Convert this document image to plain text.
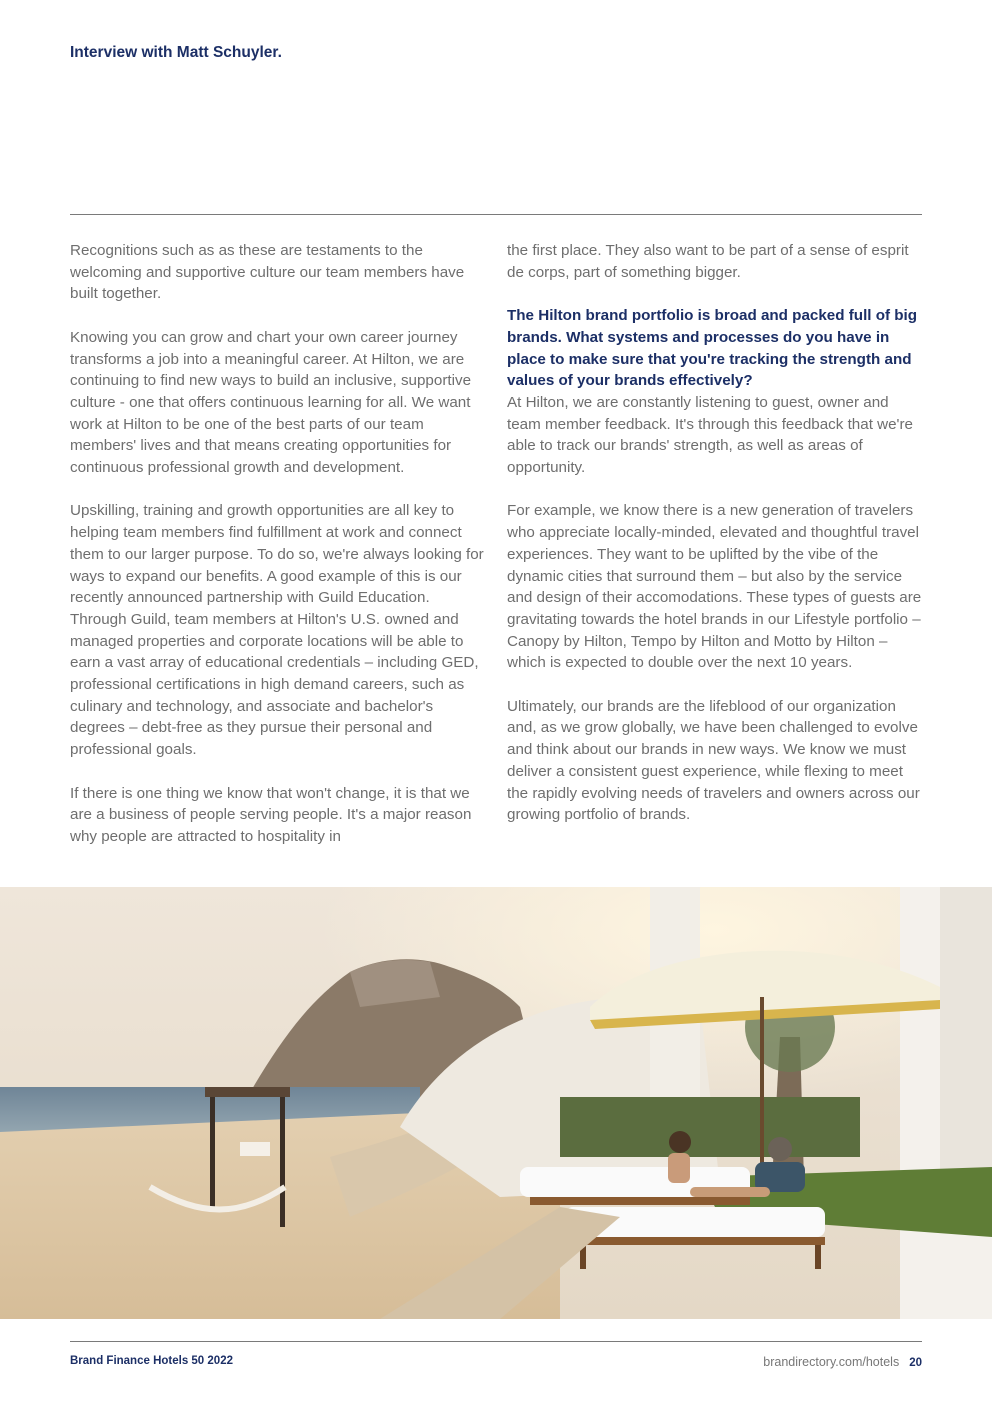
Interview with Matt Schuyler.

Recognitions such as as these are testaments to the welcoming and supportive culture our team members have built together.

Knowing you can grow and chart your own career journey transforms a job into a meaningful career. At Hilton, we are continuing to find new ways to build an inclusive, supportive culture - one that offers continuous learning for all. We want work at Hilton to be one of the best parts of our team members' lives and that means creating opportunities for continuous professional growth and development.

Upskilling, training and growth opportunities are all key to helping team members find fulfillment at work and connect them to our larger purpose. To do so, we're always looking for ways to expand our benefits. A good example of this is our recently announced partnership with Guild Education. Through Guild, team members at Hilton's U.S. owned and managed properties and corporate locations will be able to earn a vast array of educational credentials – including GED, professional certifications in high demand careers, such as culinary and technology, and associate and bachelor's degrees – debt-free as they pursue their personal and professional goals.

If there is one thing we know that won't change, it is that we are a business of people serving people. It's a major reason why people are attracted to hospitality in

the first place. They also want to be part of a sense of esprit de corps, part of something bigger.

The Hilton brand portfolio is broad and packed full of big brands. What systems and processes do you have in place to make sure that you're tracking the strength and values of your brands effectively?

At Hilton, we are constantly listening to guest, owner and team member feedback. It's through this feedback that we're able to track our brands' strength, as well as areas of opportunity.

For example, we know there is a new generation of travelers who appreciate locally-minded, elevated and thoughtful travel experiences. They want to be uplifted by the vibe of the dynamic cities that surround them – but also by the service and design of their accomodations. These types of guests are gravitating towards the hotel brands in our Lifestyle portfolio – Canopy by Hilton, Tempo by Hilton and Motto by Hilton – which is expected to double over the next 10 years.

Ultimately, our brands are the lifeblood of our organization and, as we grow globally, we have been challenged to evolve and think about our brands in new ways. We know we must deliver a consistent guest experience, while flexing to meet the rapidly evolving needs of travelers and owners across our growing portfolio of brands.

Brand Finance Hotels 50 2022	brandirectory.com/hotels 20
